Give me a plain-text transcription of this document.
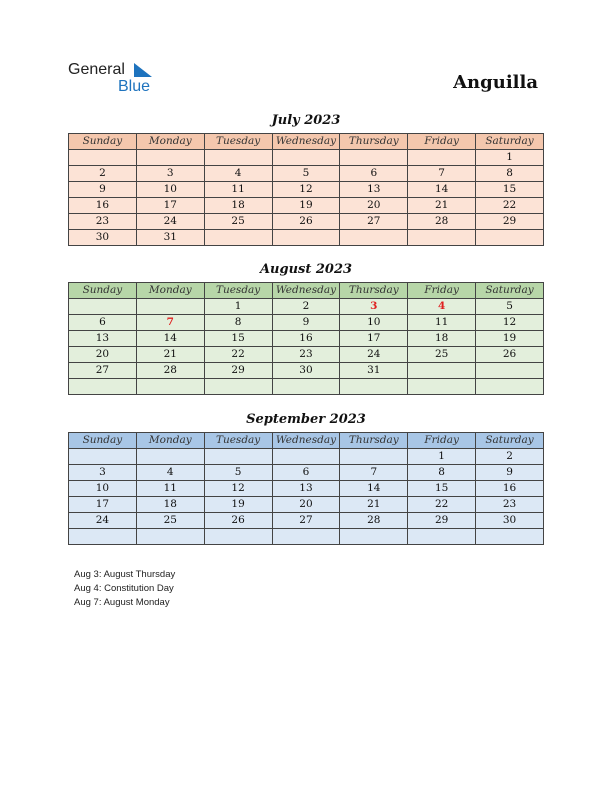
General
Blue	Anguilla
July 2023
Sunday	Monday	Tuesday	Wednesday	Thursday	Friday	Saturday
						1
2	3	4	5	6	7	8
9	10	11	12	13	14	15
16	17	18	19	20	21	22
23	24	25	26	27	28	29
30	31					
August 2023
Sunday	Monday	Tuesday	Wednesday	Thursday	Friday	Saturday
		1	2	3	4	5
6	7	8	9	10	11	12
13	14	15	16	17	18	19
20	21	22	23	24	25	26
27	28	29	30	31		

September 2023
Sunday	Monday	Tuesday	Wednesday	Thursday	Friday	Saturday
					1	2
3	4	5	6	7	8	9
10	11	12	13	14	15	16
17	18	19	20	21	22	23
24	25	26	27	28	29	30

Aug 3: August Thursday
Aug 4: Constitution Day
Aug 7: August Monday
